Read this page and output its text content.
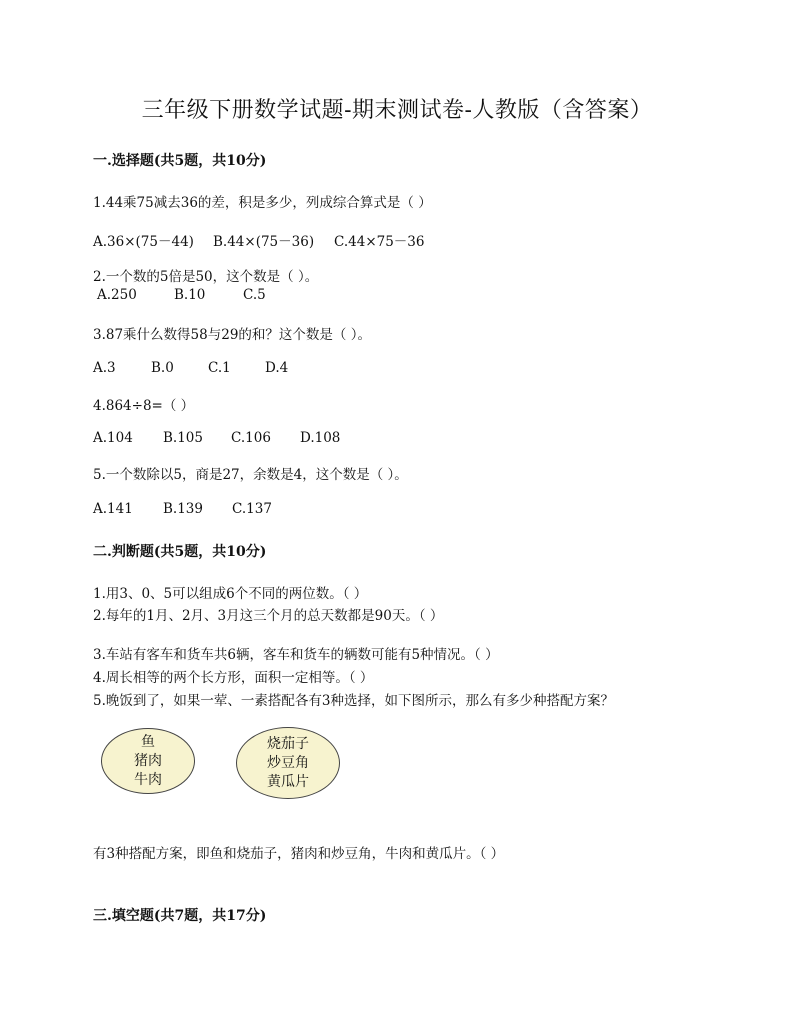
三年级下册数学试题-期末测试卷-人教版（含答案）
一.选择题(共5题，共10分)
1.44乘75减去36的差，积是多少，列成综合算式是（ ）
A.36×(75－44)	B.44×(75－36)	C.44×75－36
2.一个数的5倍是50，这个数是（ ）。
A.250	B.10	C.5
3.87乘什么数得58与29的和？这个数是（ ）。
A.3	B.0	C.1	D.4
4.864÷8=（ ）
A.104	B.105	C.106	D.108
5.一个数除以5，商是27，余数是4，这个数是（ ）。
A.141	B.139	C.137
二.判断题(共5题，共10分)
1.用3、0、5可以组成6个不同的两位数。（ ）
2.每年的1月、2月、3月这三个月的总天数都是90天。（ ）
3.车站有客车和货车共6辆，客车和货车的辆数可能有5种情况。（ ）
4.周长相等的两个长方形，面积一定相等。（ ）
5.晚饭到了，如果一荤、一素搭配各有3种选择，如下图所示，那么有多少种搭配方案？
鱼
猪肉
牛肉
烧茄子
炒豆角
黄瓜片
有3种搭配方案，即鱼和烧茄子，猪肉和炒豆角，牛肉和黄瓜片。（ ）
三.填空题(共7题，共17分)
